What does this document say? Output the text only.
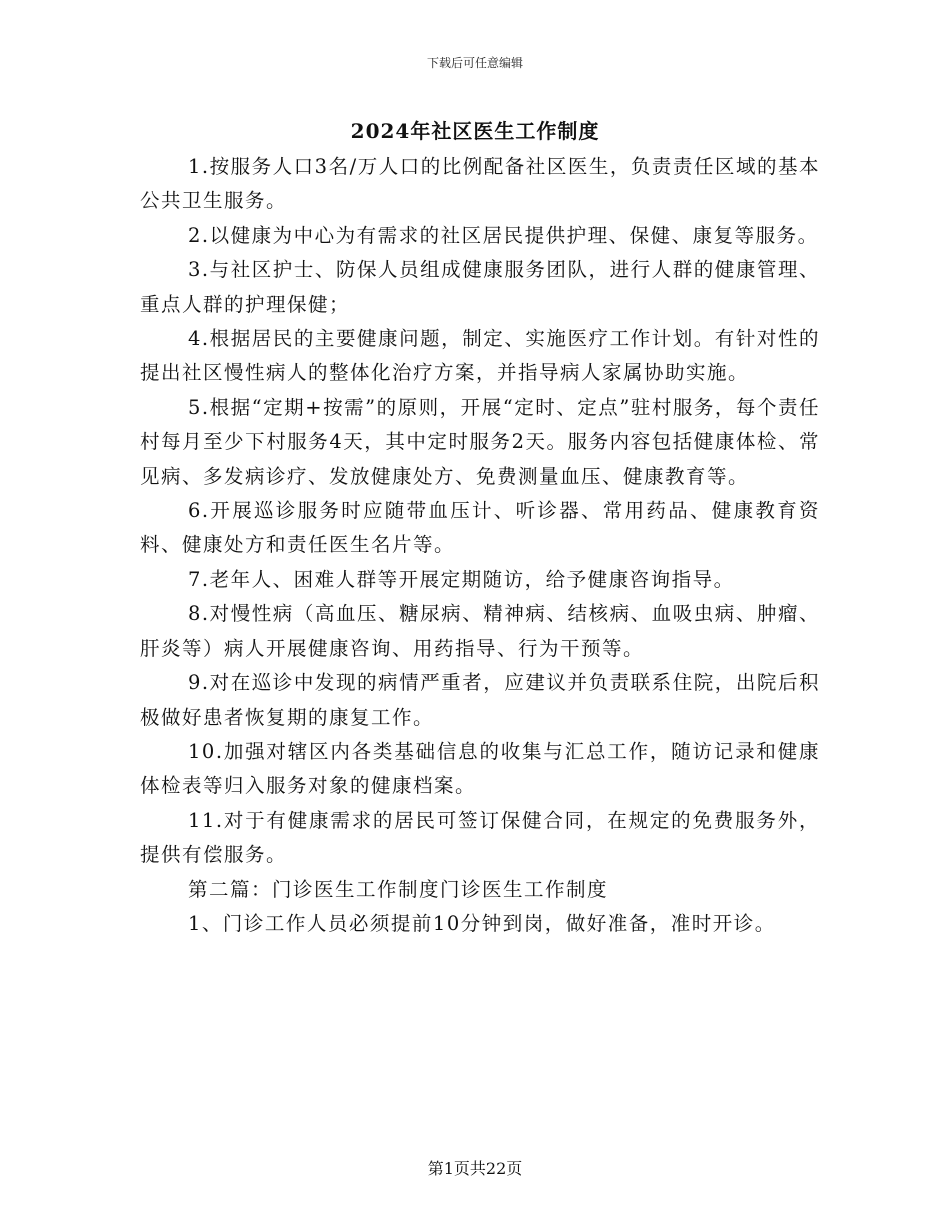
下载后可任意编辑
2024年社区医生工作制度

1.按服务人口3名/万人口的比例配备社区医生，负责责任区域的基本公共卫生服务。

2.以健康为中心为有需求的社区居民提供护理、保健、康复等服务。

3.与社区护士、防保人员组成健康服务团队，进行人群的健康管理、重点人群的护理保健；

4.根据居民的主要健康问题，制定、实施医疗工作计划。有针对性的提出社区慢性病人的整体化治疗方案，并指导病人家属协助实施。

5.根据“定期+按需”的原则，开展“定时、定点”驻村服务，每个责任村每月至少下村服务4天，其中定时服务2天。服务内容包括健康体检、常见病、多发病诊疗、发放健康处方、免费测量血压、健康教育等。

6.开展巡诊服务时应随带血压计、听诊器、常用药品、健康教育资料、健康处方和责任医生名片等。

7.老年人、困难人群等开展定期随访，给予健康咨询指导。

8.对慢性病（高血压、糖尿病、精神病、结核病、血吸虫病、肿瘤、肝炎等）病人开展健康咨询、用药指导、行为干预等。

9.对在巡诊中发现的病情严重者，应建议并负责联系住院，出院后积极做好患者恢复期的康复工作。

10.加强对辖区内各类基础信息的收集与汇总工作，随访记录和健康体检表等归入服务对象的健康档案。

11.对于有健康需求的居民可签订保健合同，在规定的免费服务外，提供有偿服务。

第二篇：门诊医生工作制度门诊医生工作制度

1、门诊工作人员必须提前10分钟到岗，做好准备，准时开诊。

第1页共22页
